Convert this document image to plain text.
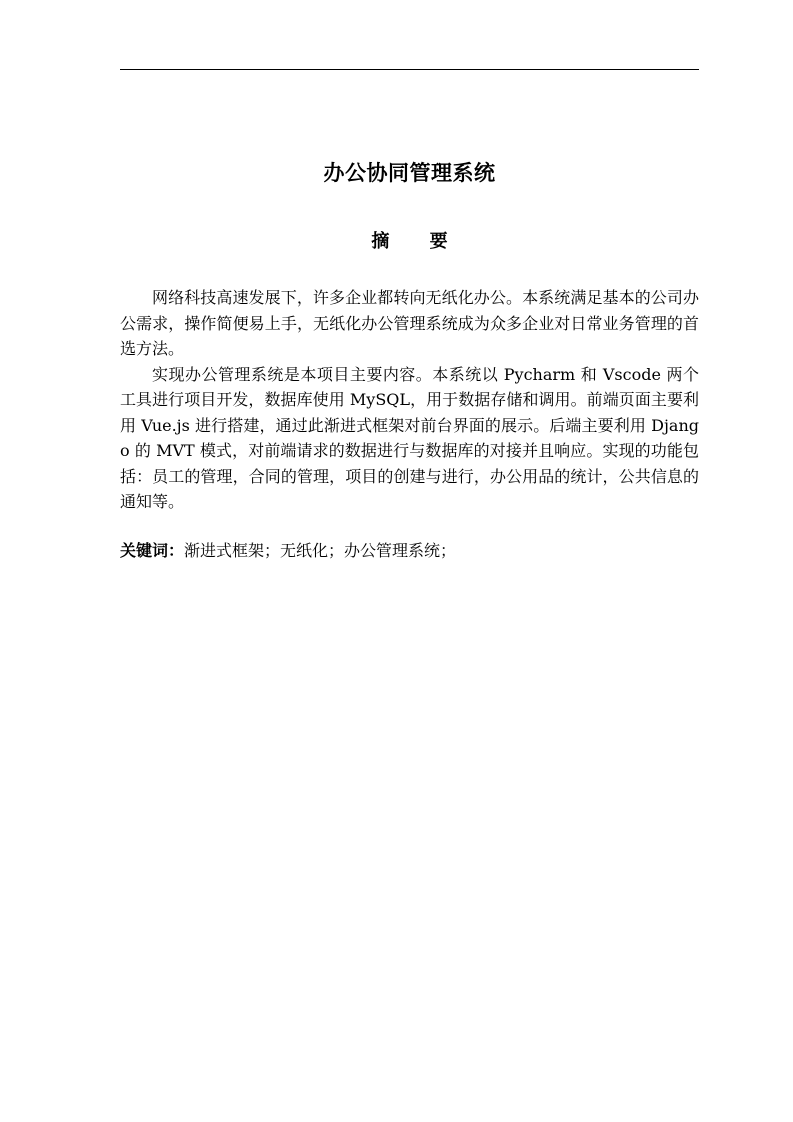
办公协同管理系统
摘 要

网络科技高速发展下，许多企业都转向无纸化办公。本系统满足基本的公司办公需求，操作简便易上手，无纸化办公管理系统成为众多企业对日常业务管理的首选方法。

实现办公管理系统是本项目主要内容。本系统以 Pycharm 和 Vscode 两个工具进行项目开发，数据库使用 MySQL，用于数据存储和调用。前端页面主要利用 Vue.js 进行搭建，通过此渐进式框架对前台界面的展示。后端主要利用 Django 的 MVT 模式，对前端请求的数据进行与数据库的对接并且响应。实现的功能包括：员工的管理，合同的管理，项目的创建与进行，办公用品的统计，公共信息的通知等。

关键词：渐进式框架；无纸化；办公管理系统；
